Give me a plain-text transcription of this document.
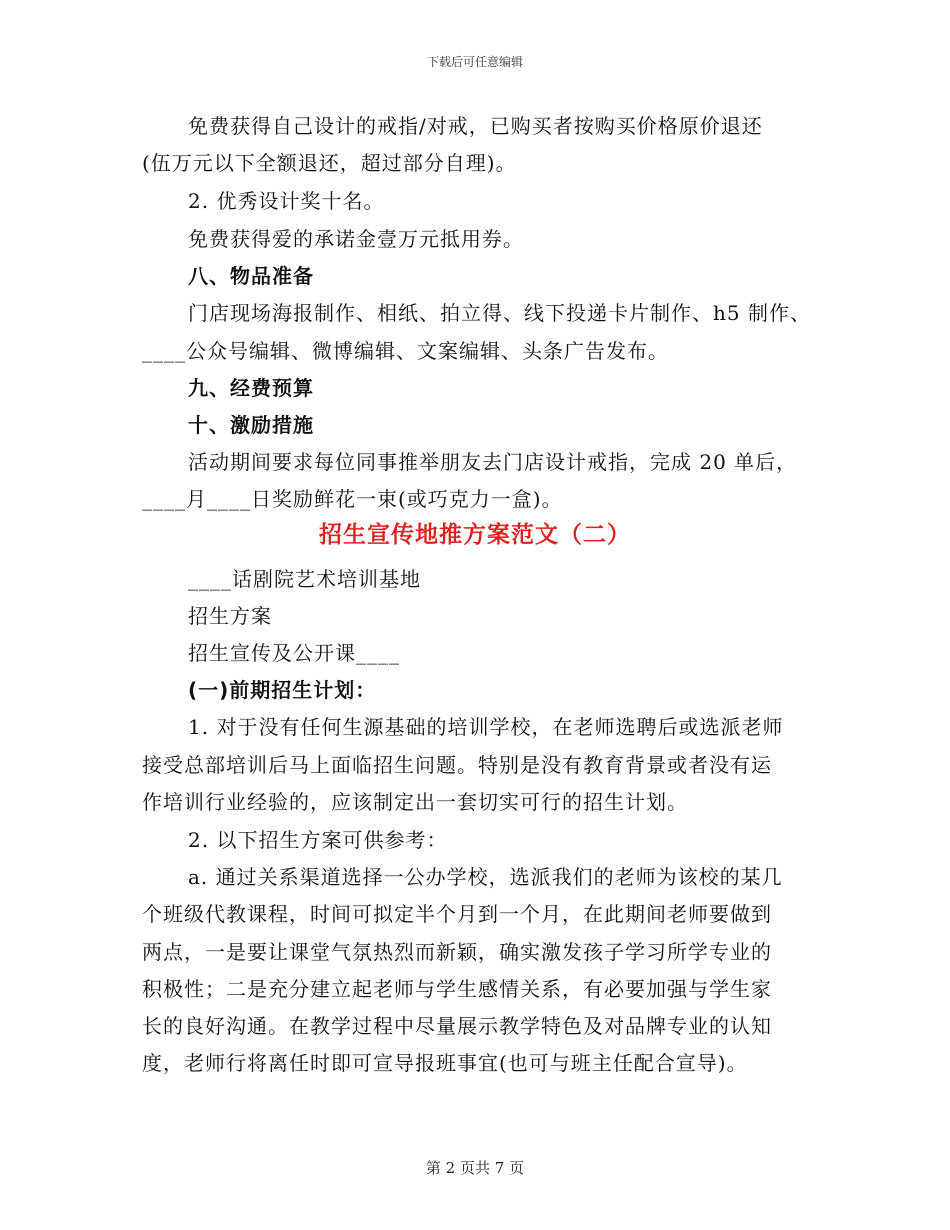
下载后可任意编辑
免费获得自己设计的戒指/对戒，已购买者按购买价格原价退还
(伍万元以下全额退还，超过部分自理)。
2. 优秀设计奖十名。
免费获得爱的承诺金壹万元抵用券。
八、物品准备
门店现场海报制作、相纸、拍立得、线下投递卡片制作、h5 制作、
____公众号编辑、微博编辑、文案编辑、头条广告发布。
九、经费预算
十、激励措施
活动期间要求每位同事推举朋友去门店设计戒指，完成 20 单后，
____月____日奖励鲜花一束(或巧克力一盒)。
招生宣传地推方案范文（二）
____话剧院艺术培训基地
招生方案
招生宣传及公开课____
(一)前期招生计划：
1. 对于没有任何生源基础的培训学校，在老师选聘后或选派老师
接受总部培训后马上面临招生问题。特别是没有教育背景或者没有运
作培训行业经验的，应该制定出一套切实可行的招生计划。
2. 以下招生方案可供参考：
a. 通过关系渠道选择一公办学校，选派我们的老师为该校的某几
个班级代教课程，时间可拟定半个月到一个月，在此期间老师要做到
两点，一是要让课堂气氛热烈而新颖，确实激发孩子学习所学专业的
积极性；二是充分建立起老师与学生感情关系，有必要加强与学生家
长的良好沟通。在教学过程中尽量展示教学特色及对品牌专业的认知
度，老师行将离任时即可宣导报班事宜(也可与班主任配合宣导)。
第 2 页共 7 页
